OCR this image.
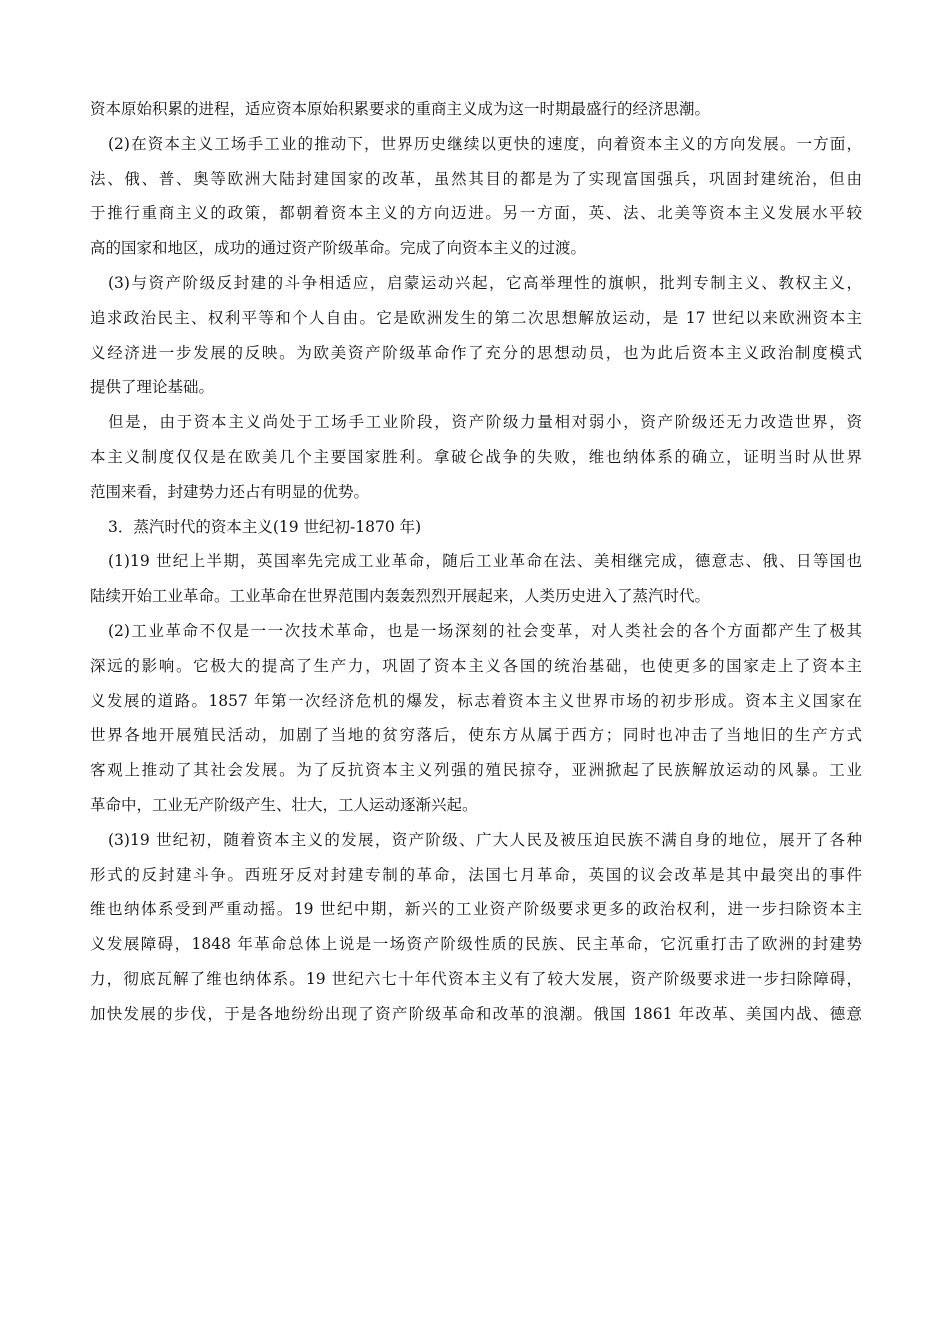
资本原始积累的进程，适应资本原始积累要求的重商主义成为这一时期最盛行的经济思潮。
(2)在资本主义工场手工业的推动下，世界历史继续以更快的速度，向着资本主义的方向发展。一方面，
法、俄、普、奥等欧洲大陆封建国家的改革，虽然其目的都是为了实现富国强兵，巩固封建统治，但由
于推行重商主义的政策，都朝着资本主义的方向迈进。另一方面，英、法、北美等资本主义发展水平较
高的国家和地区，成功的通过资产阶级革命。完成了向资本主义的过渡。
(3)与资产阶级反封建的斗争相适应，启蒙运动兴起，它高举理性的旗帜，批判专制主义、教权主义，
追求政治民主、权利平等和个人自由。它是欧洲发生的第二次思想解放运动，是 17 世纪以来欧洲资本主
义经济进一步发展的反映。为欧美资产阶级革命作了充分的思想动员，也为此后资本主义政治制度模式
提供了理论基础。
但是，由于资本主义尚处于工场手工业阶段，资产阶级力量相对弱小，资产阶级还无力改造世界，资
本主义制度仅仅是在欧美几个主要国家胜利。拿破仑战争的失败，维也纳体系的确立，证明当时从世界
范围来看，封建势力还占有明显的优势。
3．蒸汽时代的资本主义(19 世纪初-1870 年)
(1)19 世纪上半期，英国率先完成工业革命，随后工业革命在法、美相继完成，德意志、俄、日等国也
陆续开始工业革命。工业革命在世界范围内轰轰烈烈开展起来，人类历史进入了蒸汽时代。
(2)工业革命不仅是一一次技术革命，也是一场深刻的社会变革，对人类社会的各个方面都产生了极其
深远的影响。它极大的提高了生产力，巩固了资本主义各国的统治基础，也使更多的国家走上了资本主
义发展的道路。1857 年第一次经济危机的爆发，标志着资本主义世界市场的初步形成。资本主义国家在
世界各地开展殖民活动，加剧了当地的贫穷落后，使东方从属于西方；同时也冲击了当地旧的生产方式
客观上推动了其社会发展。为了反抗资本主义列强的殖民掠夺，亚洲掀起了民族解放运动的风暴。工业
革命中，工业无产阶级产生、壮大，工人运动逐渐兴起。
(3)19 世纪初，随着资本主义的发展，资产阶级、广大人民及被压迫民族不满自身的地位，展开了各种
形式的反封建斗争。西班牙反对封建专制的革命，法国七月革命，英国的议会改革是其中最突出的事件
维也纳体系受到严重动摇。19 世纪中期，新兴的工业资产阶级要求更多的政治权利，进一步扫除资本主
义发展障碍，1848 年革命总体上说是一场资产阶级性质的民族、民主革命，它沉重打击了欧洲的封建势
力，彻底瓦解了维也纳体系。19 世纪六七十年代资本主义有了较大发展，资产阶级要求进一步扫除障碍，
加快发展的步伐，于是各地纷纷出现了资产阶级革命和改革的浪潮。俄国 1861 年改革、美国内战、德意
